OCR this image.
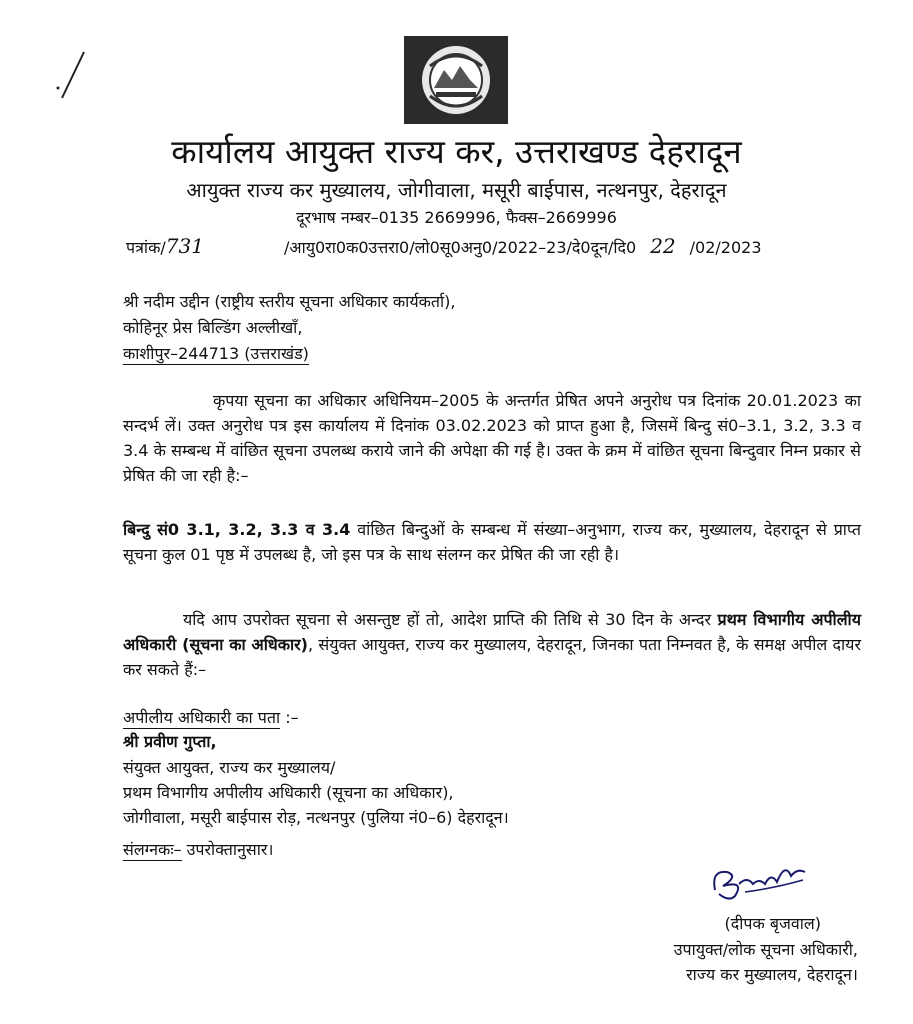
कार्यालय आयुक्त राज्य कर, उत्तराखण्ड देहरादून
आयुक्त राज्य कर मुख्यालय, जोगीवाला, मसूरी बाईपास, नत्थनपुर, देहरादून
दूरभाष नम्बर–0135 2669996, फैक्स–2669996
पत्रांक/731	/आयु0रा0क0उत्तरा0/लो0सू0अनु0/2022–23/दे0दून/दि0 22 /02/2023
श्री नदीम उद्दीन (राष्ट्रीय स्तरीय सूचना अधिकार कार्यकर्ता),
कोहिनूर प्रेस बिल्डिंग अल्लीखाँ,
काशीपुर–244713 (उत्तराखंड)
कृपया सूचना का अधिकार अधिनियम–2005 के अन्तर्गत प्रेषित अपने अनुरोध पत्र दिनांक 20.01.2023 का सन्दर्भ लें। उक्त अनुरोध पत्र इस कार्यालय में दिनांक 03.02.2023 को प्राप्त हुआ है, जिसमें बिन्दु सं0–3.1, 3.2, 3.3 व 3.4 के सम्बन्ध में वांछित सूचना उपलब्ध कराये जाने की अपेक्षा की गई है। उक्त के क्रम में वांछित सूचना बिन्दुवार निम्न प्रकार से प्रेषित की जा रही है:–
बिन्दु सं0 3.1, 3.2, 3.3 व 3.4 वांछित बिन्दुओं के सम्बन्ध में संख्या–अनुभाग, राज्य कर, मुख्यालय, देहरादून से प्राप्त सूचना कुल 01 पृष्ठ में उपलब्ध है, जो इस पत्र के साथ संलग्न कर प्रेषित की जा रही है।
यदि आप उपरोक्त सूचना से असन्तुष्ट हों तो, आदेश प्राप्ति की तिथि से 30 दिन के अन्दर प्रथम विभागीय अपीलीय अधिकारी (सूचना का अधिकार), संयुक्त आयुक्त, राज्य कर मुख्यालय, देहरादून, जिनका पता निम्नवत है, के समक्ष अपील दायर कर सकते हैं:–
अपीलीय अधिकारी का पता :–
श्री प्रवीण गुप्ता,
संयुक्त आयुक्त, राज्य कर मुख्यालय/
प्रथम विभागीय अपीलीय अधिकारी (सूचना का अधिकार),
जोगीवाला, मसूरी बाईपास रोड़, नत्थनपुर (पुलिया नं0–6) देहरादून।
संलग्नकः– उपरोक्तानुसार।
(दीपक बृजवाल)
उपायुक्त/लोक सूचना अधिकारी,
राज्य कर मुख्यालय, देहरादून।
